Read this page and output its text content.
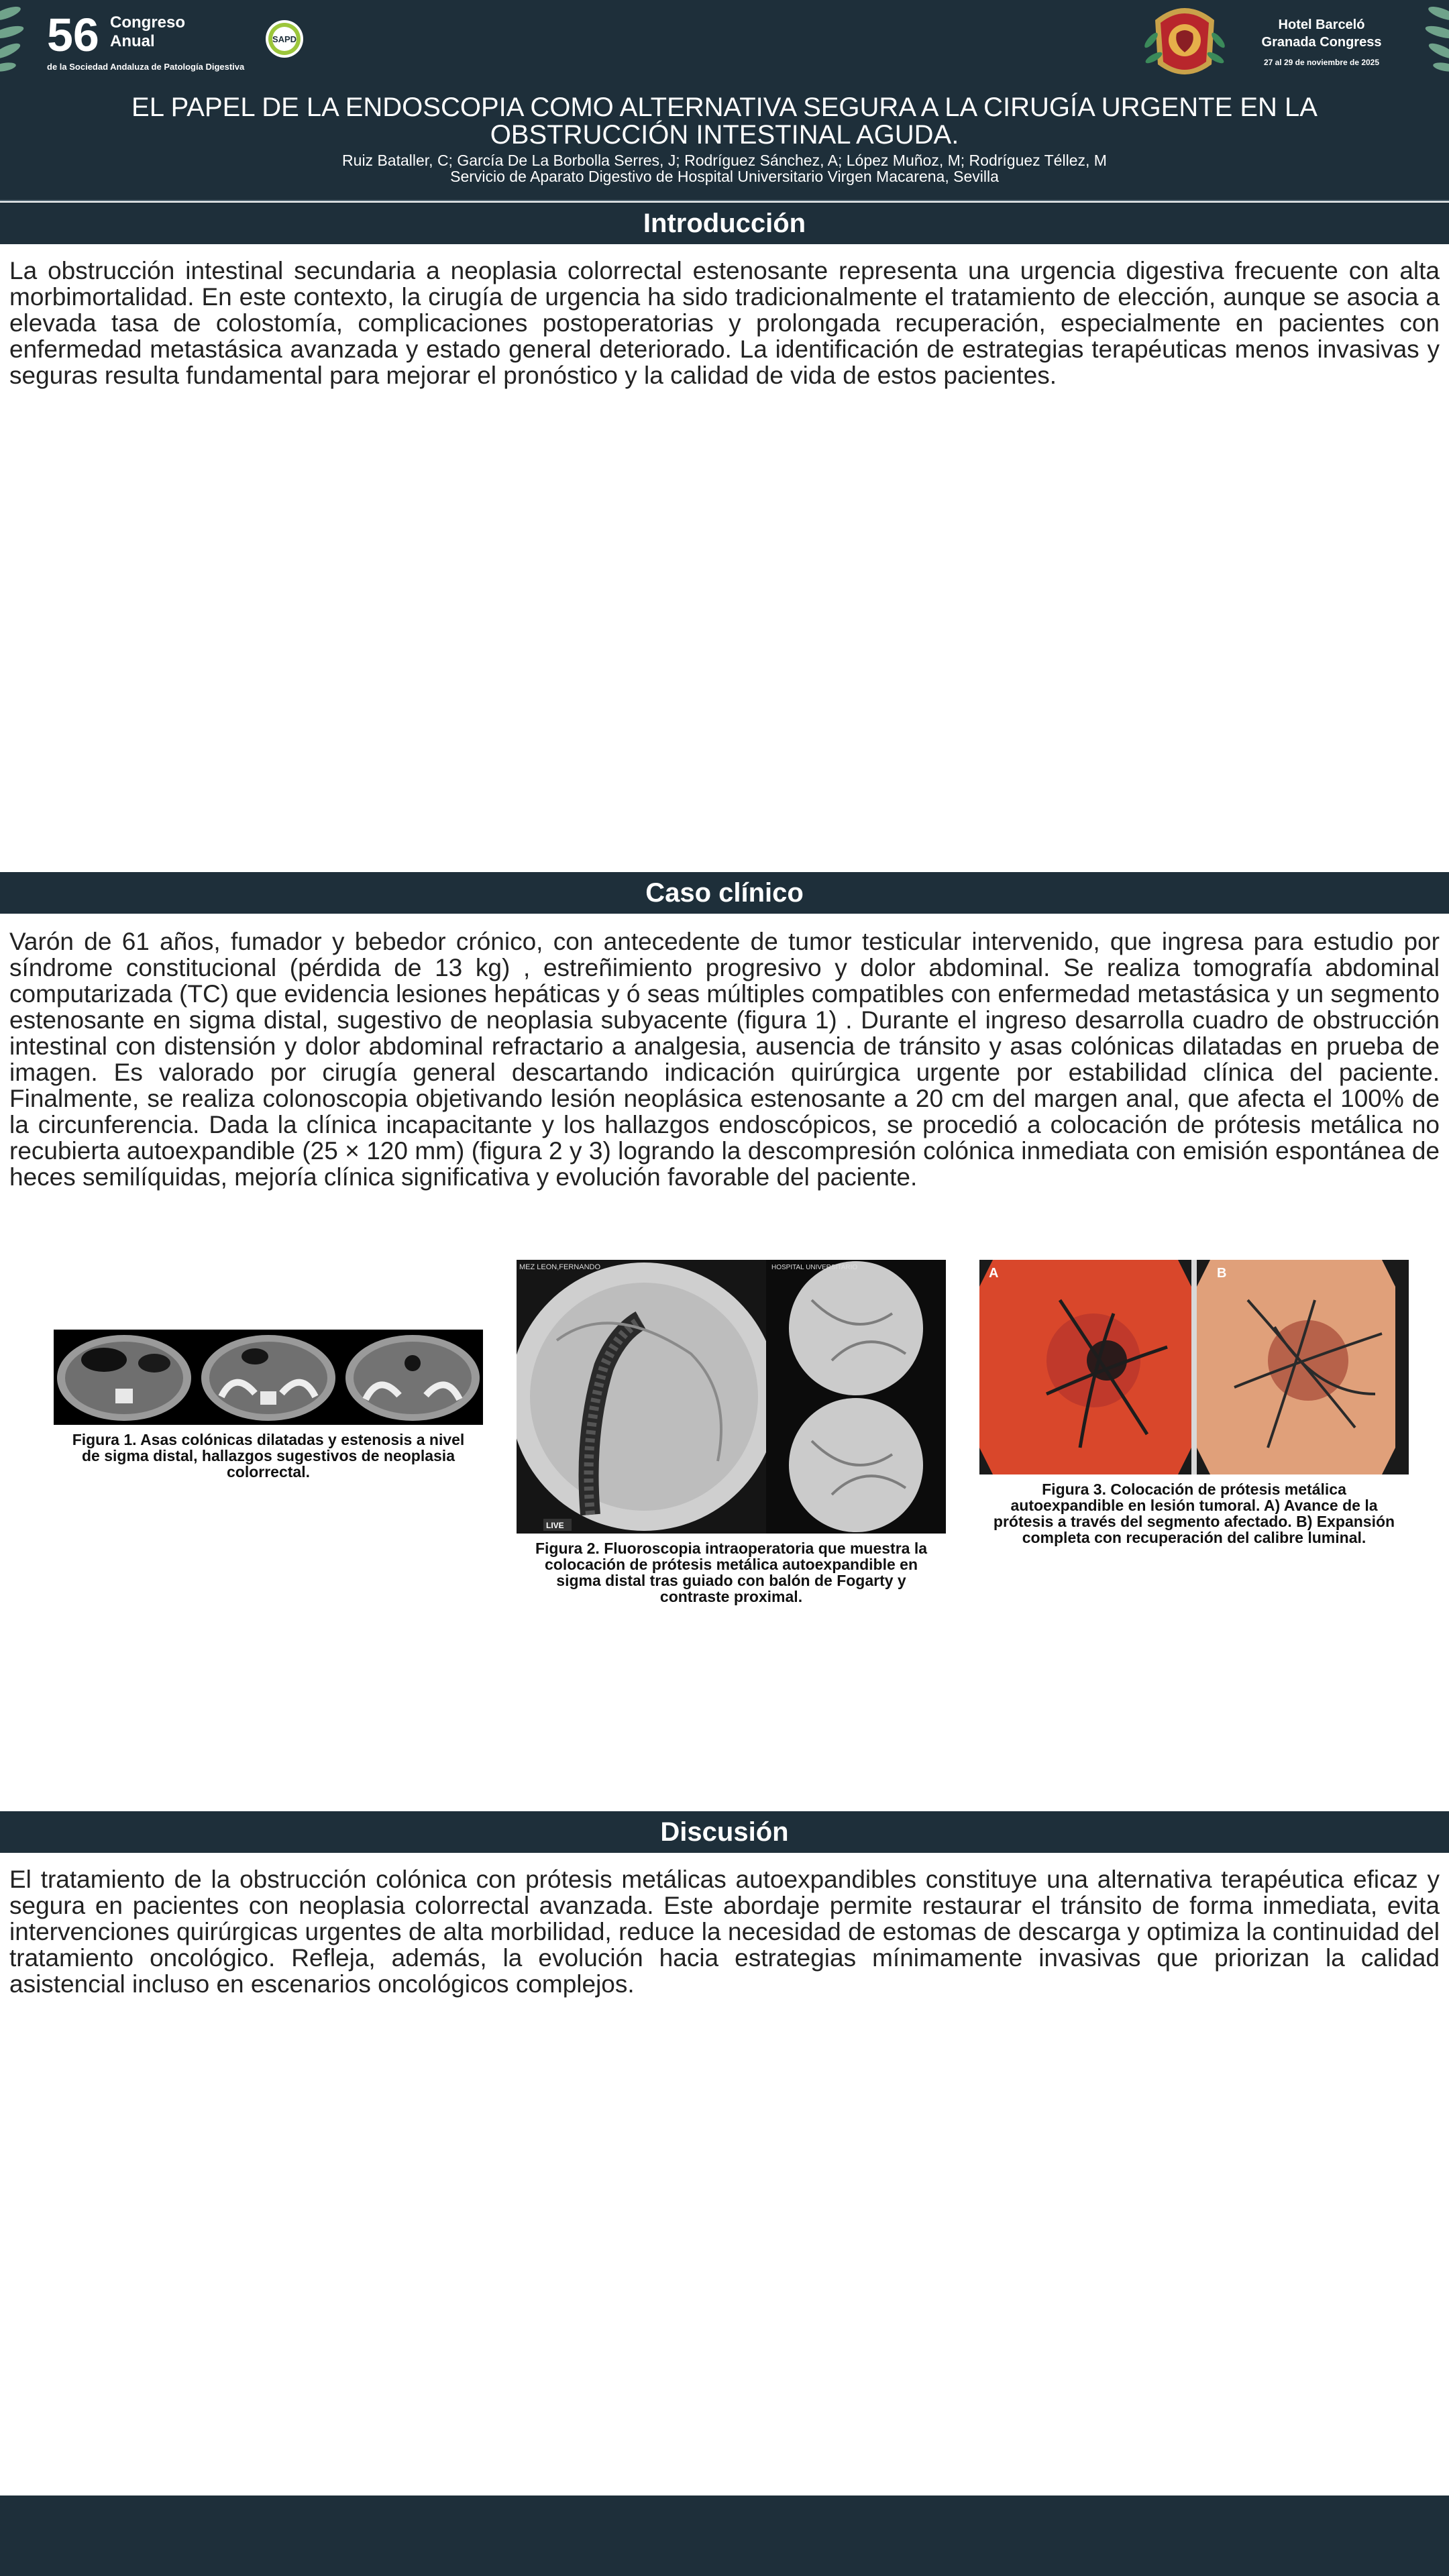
56 Congreso
Anual
de la Sociedad Andaluza de Patología Digestiva
SAPD
Hotel Barceló
Granada Congress
27 al 29 de noviembre de 2025
EL PAPEL DE LA ENDOSCOPIA COMO ALTERNATIVA SEGURA A LA CIRUGÍA URGENTE EN LA OBSTRUCCIÓN INTESTINAL AGUDA.
Ruiz Bataller, C; García De La Borbolla Serres, J; Rodríguez Sánchez, A; López Muñoz, M; Rodríguez Téllez, M
Servicio de Aparato Digestivo de Hospital Universitario Virgen Macarena, Sevilla
Introducción

La obstrucción intestinal secundaria a neoplasia colorrectal estenosante representa una urgencia digestiva frecuente con alta morbimortalidad. En este contexto, la cirugía de urgencia ha sido tradicionalmente el tratamiento de elección, aunque se asocia a elevada tasa de colostomía, complicaciones postoperatorias y prolongada recuperación, especialmente en pacientes con enfermedad metastásica avanzada y estado general deteriorado. La identificación de estrategias terapéuticas menos invasivas y seguras resulta fundamental para mejorar el pronóstico y la calidad de vida de estos pacientes.

Caso clínico

Varón de 61 años, fumador y bebedor crónico, con antecedente de tumor testicular intervenido, que ingresa para estudio por síndrome constitucional (pérdida de 13 kg) , estreñimiento progresivo y dolor abdominal. Se realiza tomografía abdominal computarizada (TC) que evidencia lesiones hepáticas y ó seas múltiples compatibles con enfermedad metastásica y un segmento estenosante en sigma distal, sugestivo de neoplasia subyacente (figura 1) . Durante el ingreso desarrolla cuadro de obstrucción intestinal con distensión y dolor abdominal refractario a analgesia, ausencia de tránsito y asas colónicas dilatadas en prueba de imagen. Es valorado por cirugía general descartando indicación quirúrgica urgente por estabilidad clínica del paciente. Finalmente, se realiza colonoscopia objetivando lesión neoplásica estenosante a 20 cm del margen anal, que afecta el 100% de la circunferencia. Dada la clínica incapacitante y los hallazgos endoscópicos, se procedió a colocación de prótesis metálica no recubierta autoexpandible (25 × 120 mm) (figura 2 y 3) logrando la descompresión colónica inmediata con emisión espontánea de heces semilíquidas, mejoría clínica significativa y evolución favorable del paciente.

Figura 1. Asas colónicas dilatadas y estenosis a nivel de sigma distal, hallazgos sugestivos de neoplasia colorrectal.
MEZ LEON,FERNANDO	HOSPITAL UNIVERSITARIO
LIVE
Figura 2. Fluoroscopia intraoperatoria que muestra la colocación de prótesis metálica autoexpandible en sigma distal tras guiado con balón de Fogarty y contraste proximal.
A	B
Figura 3. Colocación de prótesis metálica autoexpandible en lesión tumoral. A) Avance de la prótesis a través del segmento afectado. B) Expansión completa con recuperación del calibre luminal.
Discusión

El tratamiento de la obstrucción colónica con prótesis metálicas autoexpandibles constituye una alternativa terapéutica eficaz y segura en pacientes con neoplasia colorrectal avanzada. Este abordaje permite restaurar el tránsito de forma inmediata, evita intervenciones quirúrgicas urgentes de alta morbilidad, reduce la necesidad de estomas de descarga y optimiza la continuidad del tratamiento oncológico. Refleja, además, la evolución hacia estrategias mínimamente invasivas que priorizan la calidad asistencial incluso en escenarios oncológicos complejos.
